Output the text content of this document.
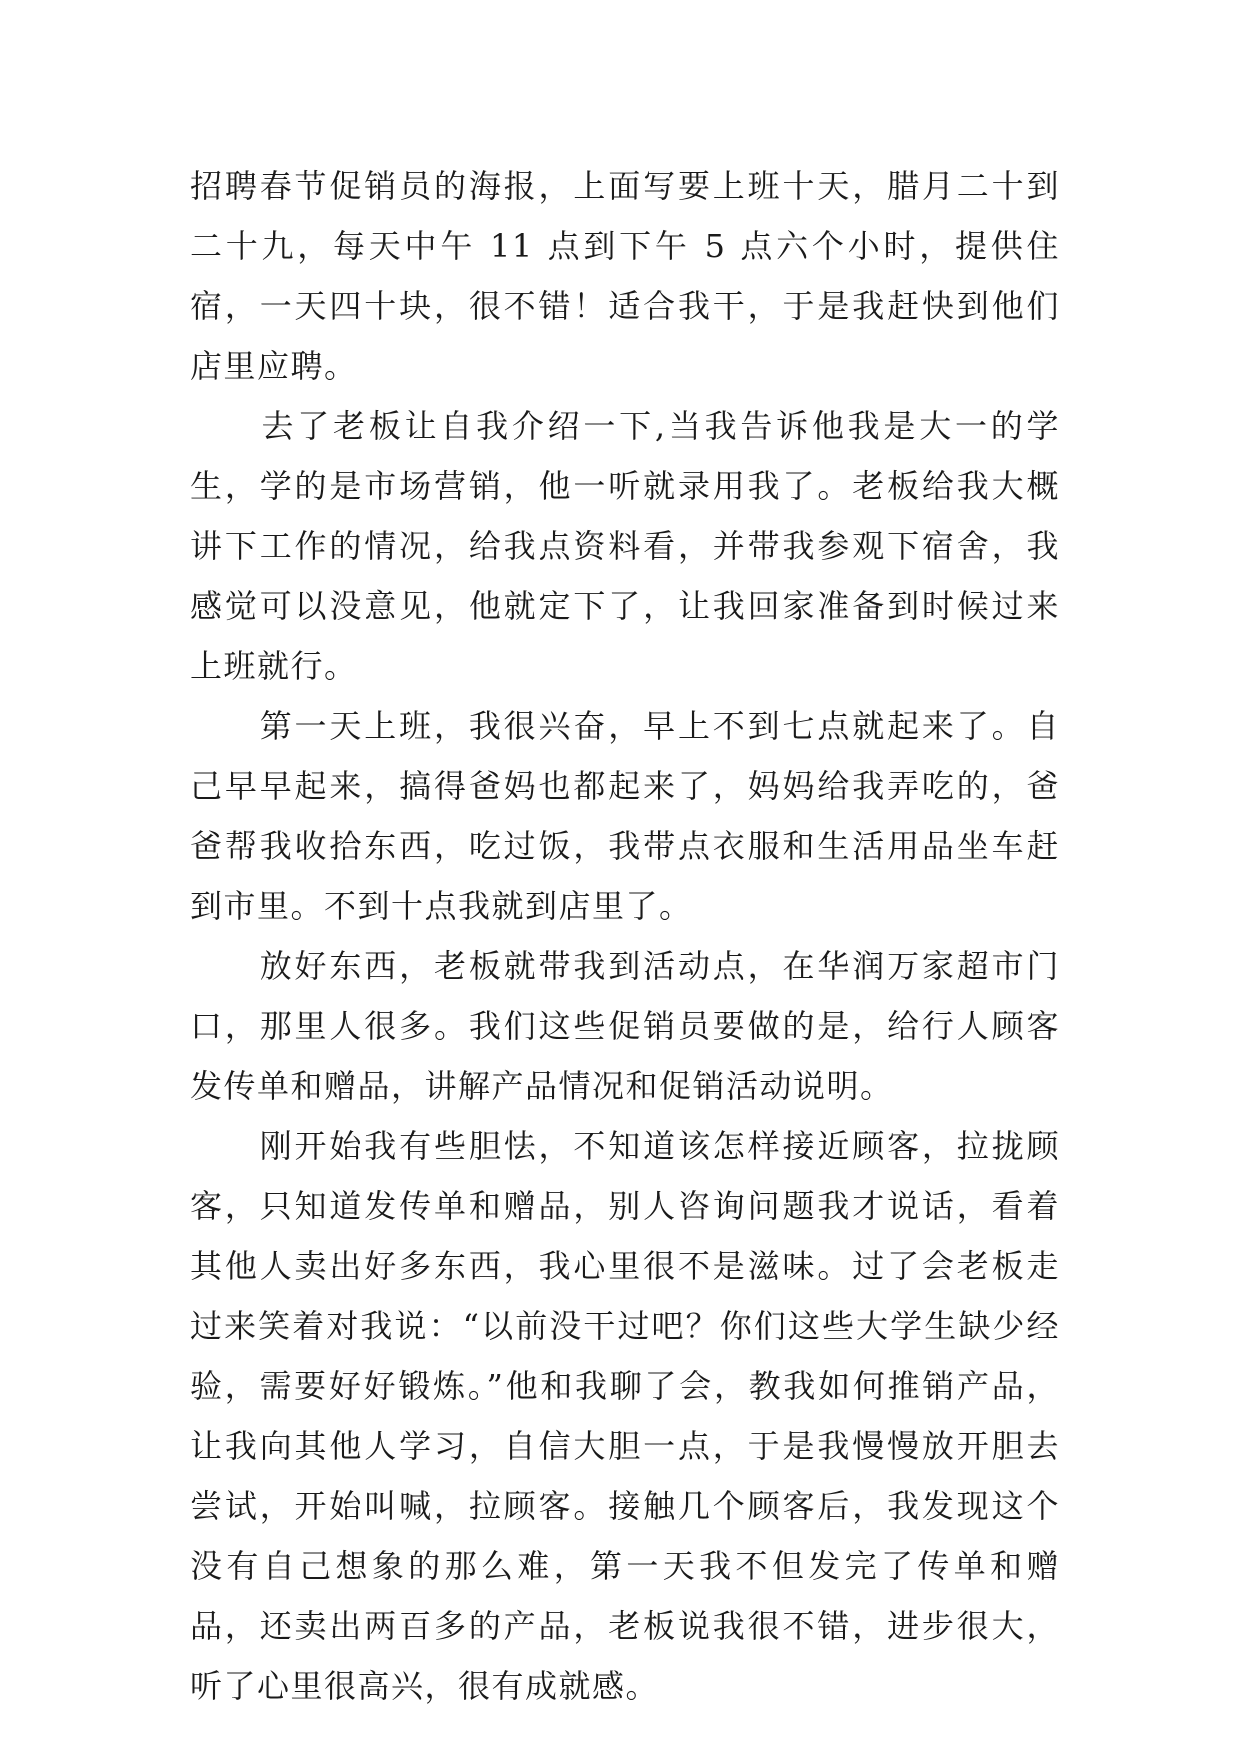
招聘春节促销员的海报，上面写要上班十天，腊月二十到二十九，每天中午 11 点到下午 5 点六个小时，提供住宿，一天四十块，很不错！适合我干，于是我赶快到他们店里应聘。

　　去了老板让自我介绍一下,当我告诉他我是大一的学生，学的是市场营销，他一听就录用我了。老板给我大概讲下工作的情况，给我点资料看，并带我参观下宿舍，我感觉可以没意见，他就定下了，让我回家准备到时候过来上班就行。

　　第一天上班，我很兴奋，早上不到七点就起来了。自己早早起来，搞得爸妈也都起来了，妈妈给我弄吃的，爸爸帮我收拾东西，吃过饭，我带点衣服和生活用品坐车赶到市里。不到十点我就到店里了。

　　放好东西，老板就带我到活动点，在华润万家超市门口，那里人很多。我们这些促销员要做的是，给行人顾客发传单和赠品，讲解产品情况和促销活动说明。

　　刚开始我有些胆怯，不知道该怎样接近顾客，拉拢顾客，只知道发传单和赠品，别人咨询问题我才说话，看着其他人卖出好多东西，我心里很不是滋味。过了会老板走过来笑着对我说：“以前没干过吧？你们这些大学生缺少经验，需要好好锻炼。”他和我聊了会，教我如何推销产品，让我向其他人学习，自信大胆一点，于是我慢慢放开胆去尝试，开始叫喊，拉顾客。接触几个顾客后，我发现这个没有自己想象的那么难，第一天我不但发完了传单和赠品，还卖出两百多的产品，老板说我很不错，进步很大，听了心里很高兴，很有成就感。
